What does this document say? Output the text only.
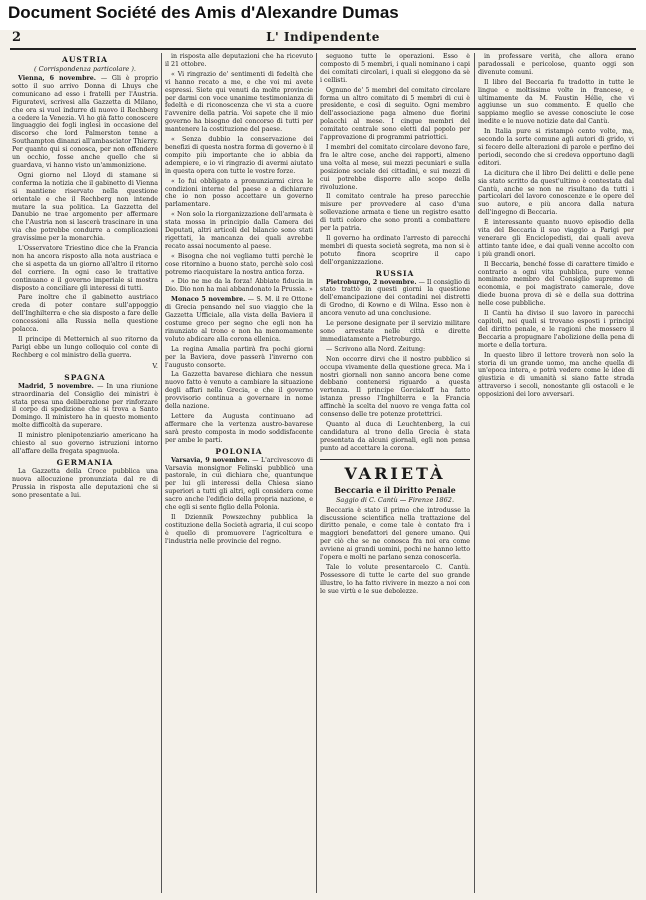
Document Société des Amis d'Alexandre Dumas
2	L' Indipendente
AUSTRIA
( Corrispondenza particolare ).

Vienna, 6 novembre. — Gli è proprio sotto il suo arrivo Donna di Lhuys che comunicano ad esso i fratelli per l'Austria. Figuratevi, scrivesi alla Gazzetta di Milano, che ora si vuol indurre di nuovo il Rechberg a cedere la Venezia. Vi ho già fatto conoscere linguaggio dei fogli inglesi in occasione del discorso che lord Palmerston tenne a Southampton dinanzi all'ambasciator Thierry. Per quanto qui si conosca, per non offendere un occhio, fosse anche quello che si guardava, vi hanno visto un'ammonizione.

Ogni giorno nel Lloyd di stamane si conferma la notizia che il gabinetto di Vienna si mantiene riservato nella questione orientale e che il Rechberg non intende mutare la sua politica. La Gazzetta del Danubio ne trae argomento per affermare che l'Austria non si lascerà trascinare in una via che potrebbe condurre a complicazioni gravissime per la monarchia.

L'Osservatore Triestino dice che la Francia non ha ancora risposto alla nota austriaca e che si aspetta da un giorno all'altro il ritorno del corriere. In ogni caso le trattative continuano e il governo imperiale si mostra disposto a conciliare gli interessi di tutti.

Pare inoltre che il gabinetto austriaco creda di poter contare sull'appoggio dell'Inghilterra e che sia disposto a fare delle concessioni alla Russia nella questione polacca.

Il principe di Metternich al suo ritorno da Parigi ebbe un lungo colloquio col conte di Rechberg e col ministro della guerra.

V.
SPAGNA

Madrid, 5 novembre. — In una riunione straordinaria del Consiglio dei ministri è stata presa una deliberazione per rinforzare il corpo di spedizione che si trova a Santo Domingo. Il ministero ha in questo momento molte difficoltà da superare.

Il ministro plenipotenziario americano ha chiesto al suo governo istruzioni intorno all'affare della fregata spagnuola.

GERMANIA

La Gazzetta della Croce pubblica una nuova allocuzione pronunziata dal re di Prussia in risposta alle deputazioni che si sono presentate a lui.

in risposta alle deputazioni che ha ricevuto il 21 ottobre.

« Vi ringrazio de' sentimenti di fedeltà che vi hanno recato a me, e che voi mi avete espressi. Siete qui venuti da molte provincie per darmi con voce unanime testimonianza di fedeltà e di riconoscenza che vi sta a cuore l'avvenire della patria. Voi sapete che il mio governo ha bisogno del concorso di tutti per mantenere la costituzione del paese.

« Senza dubbio la conservazione dei benefizi di questa nostra forma di governo è il compito più importante che io abbia da adempiere, e io vi ringrazio di avermi aiutato in questa opera con tutte le vostre forze.

« Io fui obbligato a pronunziarmi circa le condizioni interne del paese e a dichiarare che io non posso accettare un governo parlamentare.

« Non solo la riorganizzazione dell'armata è stata mossa in principio dalla Camera dei Deputati, altri articoli del bilancio sono stati rigettati, la mancanza dei quali avrebbe recato assai nocumento al paese.

« Bisogna che noi vegliamo tutti perchè le cose ritornino a buono stato, perchè solo così potremo riacquistare la nostra antica forza.

« Dio ne me da la forza! Abbiate fiducia in Dio. Dio non ha mai abbandonato la Prussia. »

Monaco 5 novembre. — S. M. il re Ottone di Grecia pensando nel suo viaggio che la Gazzetta Ufficiale, alla vista della Baviera il costume greco per segno che egli non ha rinunziato al trono e non ha menomamente voluto abdicare alla corona ellenica.

La regina Amalia partirà fra pochi giorni per la Baviera, dove passerà l'inverno con l'augusto consorte.

La Gazzetta bavarese dichiara che nessun nuovo fatto è venuto a cambiare la situazione degli affari nella Grecia, e che il governo provvisorio continua a governare in nome della nazione.

Lettere da Augusta continuano ad affermare che la vertenza austro-bavarese sarà presto composta in modo soddisfacente per ambe le parti.

POLONIA

Varsavia, 9 novembre. — L'arcivescovo di Varsavia monsignor Felinski pubblicò una pastorale, in cui dichiara che, quantunque per lui gli interessi della Chiesa siano superiori a tutti gli altri, egli considera come sacro anche l'edificio della propria nazione, e che egli si sente figlio della Polonia.

Il Dziennik Powszechny pubblica la costituzione della Società agraria, il cui scopo è quello di promuovere l'agricoltura e l'industria nelle provincie del regno.

seguono tutte le operazioni. Esso è composto di 5 membri, i quali nominano i capi dei comitati circolari, i quali si eleggono da sè i cellisti.

Ognuno de' 5 membri del comitato circolare forma un altro comitato di 5 membri di cui è presidente, e così di seguito. Ogni membro dell'associazione paga almeno due fiorini polacchi al mese. I cinque membri del comitato centrale sono eletti dal popolo per l'approvazione di programmi patriottici.

I membri del comitato circolare devono fare, fra le altre cose, anche dei rapporti, almeno una volta al mese, sui mezzi pecuniari e sulla posizione sociale dei cittadini, e sui mezzi di cui potrebbe disporre allo scopo della rivoluzione.

Il comitato centrale ha preso parecchie misure per provvedere al caso d'una sollevazione armata e tiene un registro esatto di tutti coloro che sono pronti a combattere per la patria.

Il governo ha ordinato l'arresto di parecchi membri di questa società segreta, ma non si è potuto finora scoprire il capo dell'organizzazione.

RUSSIA

Pietroburgo, 2 novembre. — Il consiglio di stato trattò in questi giorni la questione dell'emancipazione dei contadini nei distretti di Grodno, di Kowno e di Wilna. Esso non è ancora venuto ad una conclusione.

Le persone designate per il servizio militare sono arrestate nelle città e dirette immediatamente a Pietroburgo.

— Scrivono alla Nord. Zeitung:

Non occorre dirvi che il nostro pubblico si occupa vivamente della questione greca. Ma i nostri giornali non sanno ancora bene come debbano contenersi riguardo a questa vertenza. Il principe Gorciakoff ha fatto istanza presso l'Inghilterra e la Francia affinchè la scelta del nuovo re venga fatta col consenso delle tre potenze protettrici.

Quanto al duca di Leuchtenberg, la cui candidatura al trono della Grecia è stata presentata da alcuni giornali, egli non pensa punto ad accettare la corona.

VARIETÀ
Beccaria e il Diritto Penale
Saggio di C. Cantù — Firenze 1862.

Beccaria è stato il primo che introdusse la discussione scientifica nella trattazione del diritto penale, e come tale è contato fra i maggiori benefattori del genere umano. Qui per ciò che se ne conosca fra noi era come avviene ai grandi uomini, pochi ne hanno letto l'opera e molti ne parlano senza conoscerla.

Tale lo volute presentarcelo C. Cantù. Possessore di tutte le carte del suo grande illustre, lo ha fatto rivivere in mezzo a noi con le sue virtù e le sue debolezze.

in professare verità, che allora erano paradossali e pericolose, quanto oggi son divenute comuni.

Il libro del Beccaria fu tradotto in tutte le lingue e moltissime volte in francese, e ultimamente da M. Faustin Hélie, che vi aggiunse un suo commento. È quello che sappiamo meglio se avesse conosciute le cose inedite e le nuove notizie date dal Cantù.

In Italia pure si ristampò cento volte, ma, secondo la sorte comune agli autori di grido, vi si fecero delle alterazioni di parole e perfino dei periodi, secondo che si credeva opportuno dagli editori.

La dicitura che il libro Dei delitti e delle pene sia stato scritto da quest'ultimo è contestata dal Cantù, anche se non ne risultano da tutti i particolari del lavoro conoscenze e le opere del suo autore, e più ancora dalla natura dell'ingegno di Beccaria.

È interessante quanto nuovo episodio della vita del Beccaria il suo viaggio a Parigi per venerare gli Enciclopedisti, dai quali aveva attinto tante idee, e dai quali venne accolto con i più grandi onori.

Il Beccaria, benché fosse di carattere timido e contrario a ogni vita pubblica, pure venne nominato membro del Consiglio supremo di economia, e poi magistrato camerale, dove diede buona prova di sè e della sua dottrina nelle cose pubbliche.

Il Cantù ha diviso il suo lavoro in parecchi capitoli, nei quali si trovano esposti i principi del diritto penale, e le ragioni che mossero il Beccaria a propugnare l'abolizione della pena di morte e della tortura.

In questo libro il lettore troverà non solo la storia di un grande uomo, ma anche quella di un'epoca intera, e potrà vedere come le idee di giustizia e di umanità si siano fatte strada attraverso i secoli, nonostante gli ostacoli e le opposizioni dei loro avversari.
